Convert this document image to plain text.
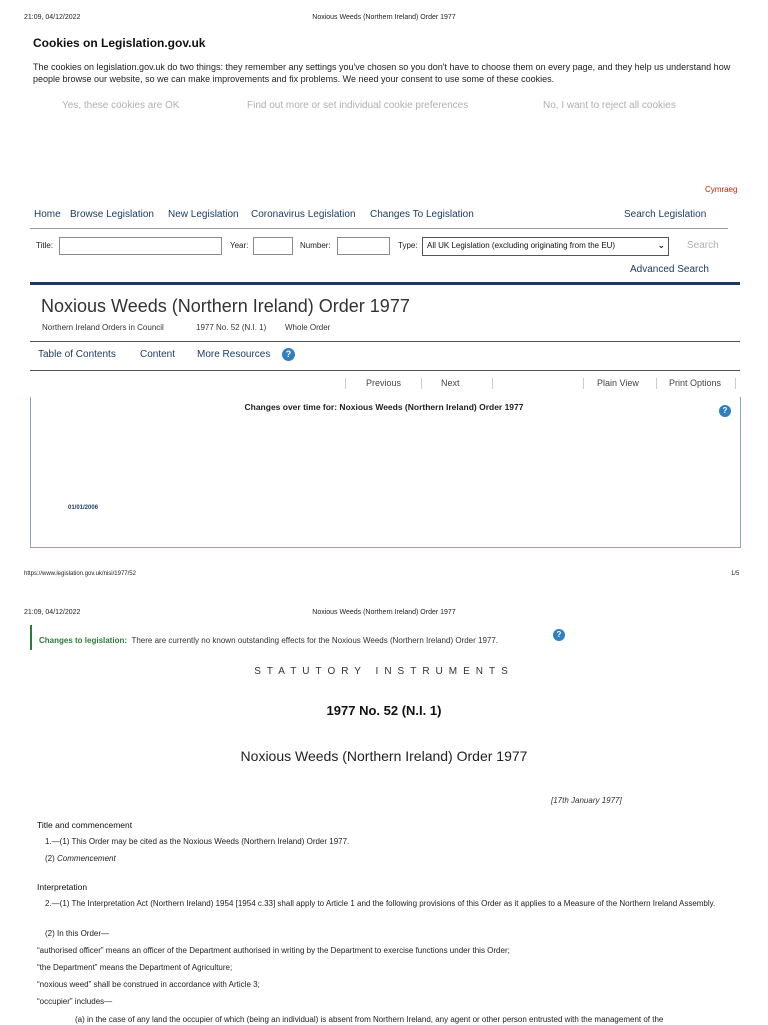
21:09, 04/12/2022	Noxious Weeds (Northern Ireland) Order 1977
Cookies on Legislation.gov.uk
The cookies on legislation.gov.uk do two things: they remember any settings you've chosen so you don't have to choose them on every page, and they help us understand how people browse our website, so we can make improvements and fix problems. We need your consent to use some of these cookies.
Yes, these cookies are OK	Find out more or set individual cookie preferences	No, I want to reject all cookies
Cymraeg
Home Browse Legislation New Legislation Coronavirus Legislation Changes To Legislation	Search Legislation
Title:	Year:	Number:	Type:	All UK Legislation (excluding originating from the EU)	⌄ Search
Advanced Search
Noxious Weeds (Northern Ireland) Order 1977
Northern Ireland Orders in Council	1977 No. 52 (N.I. 1) Whole Order
Table of Contents Content More Resources	?
Previous	Next	Plain View	Print Options
Changes over time for: Noxious Weeds (Northern Ireland) Order 1977	?
01/01/2006
https://www.legislation.gov.uk/nisi/1977/52	1/5
21:09, 04/12/2022	Noxious Weeds (Northern Ireland) Order 1977
Changes to legislation: There are currently no known outstanding effects for the Noxious Weeds (Northern Ireland) Order 1977.
?
STATUTORY INSTRUMENTS
1977 No. 52 (N.I. 1)
Noxious Weeds (Northern Ireland) Order 1977
[17th January 1977]
Title and commencement
1.—(1) This Order may be cited as the Noxious Weeds (Northern Ireland) Order 1977.
(2) Commencement
Interpretation
2.—(1) The Interpretation Act (Northern Ireland) 1954 [1954 c.33] shall apply to Article 1 and the following provisions of this Order as it applies to a Measure of the Northern Ireland Assembly.
(2) In this Order—
“authorised officer” means an officer of the Department authorised in writing by the Department to exercise functions under this Order;
“the Department” means the Department of Agriculture;
“noxious weed” shall be construed in accordance with Article 3;
“occupier” includes—
(a) in the case of any land the occupier of which (being an individual) is absent from Northern Ireland, any agent or other person entrusted with the management of the
